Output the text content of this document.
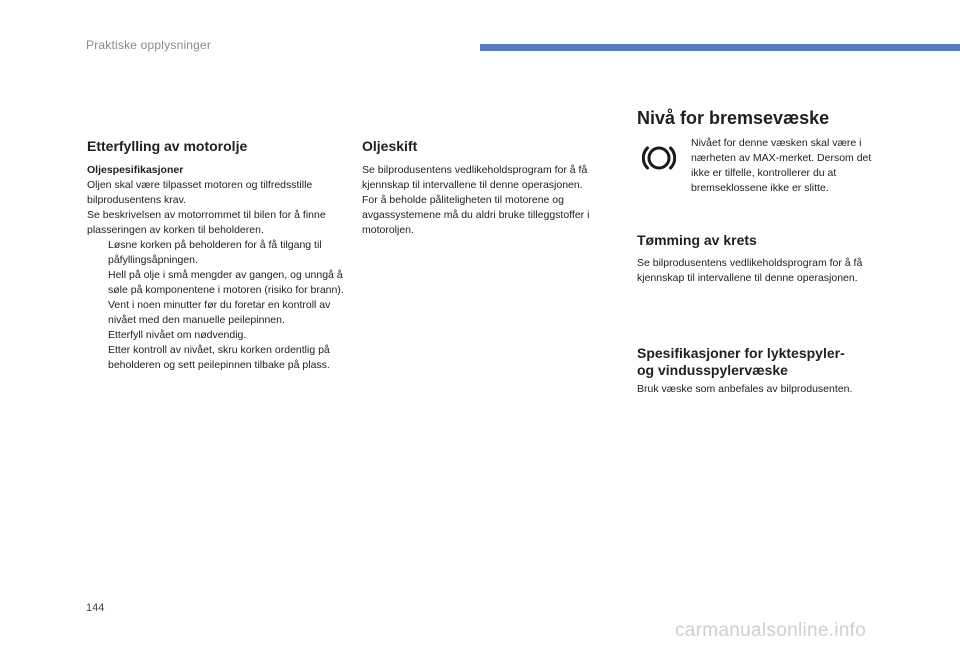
Praktiske opplysninger
Etterfylling av motorolje
Oljespesifikasjoner
Oljen skal være tilpasset motoren og tilfredsstille bilprodusentens krav.
Se beskrivelsen av motorrommet til bilen for å finne plasseringen av korken til beholderen.
Løsne korken på beholderen for å få tilgang til påfyllingsåpningen.
Hell på olje i små mengder av gangen, og unngå å søle på komponentene i motoren (risiko for brann).
Vent i noen minutter før du foretar en kontroll av nivået med den manuelle peilepinnen.
Etterfyll nivået om nødvendig.
Etter kontroll av nivået, skru korken ordentlig på beholderen og sett peilepinnen tilbake på plass.
Oljeskift
Se bilprodusentens vedlikeholdsprogram for å få kjennskap til intervallene til denne operasjonen.
For å beholde påliteligheten til motorene og avgassystemene må du aldri bruke tilleggstoffer i motoroljen.
Nivå for bremsevæske
Nivået for denne væsken skal være i nærheten av MAX-merket. Dersom det ikke er tilfelle, kontrollerer du at bremseklossene ikke er slitte.
Tømming av krets
Se bilprodusentens vedlikeholdsprogram for å få kjennskap til intervallene til denne operasjonen.
Spesifikasjoner for lyktespyler-
og vindusspylervæske
Bruk væske som anbefales av bilprodusenten.
144
carmanualsonline.info
